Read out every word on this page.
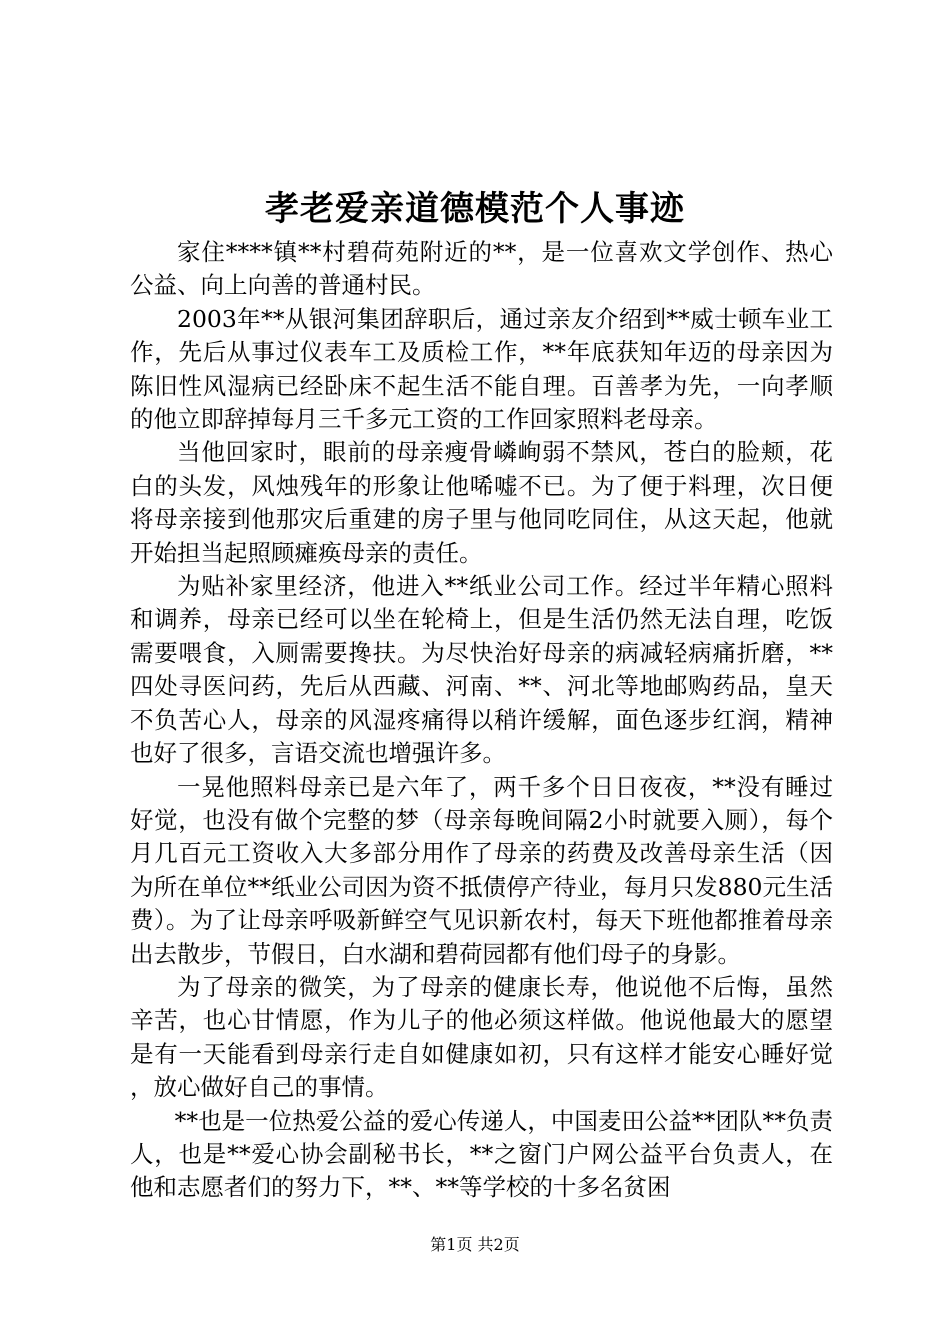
孝老爱亲道德模范个人事迹

家住****镇**村碧荷苑附近的**，是一位喜欢文学创作、热心公益、向上向善的普通村民。

2003年**从银河集团辞职后，通过亲友介绍到**威士顿车业工作，先后从事过仪表车工及质检工作，**年底获知年迈的母亲因为陈旧性风湿病已经卧床不起生活不能自理。百善孝为先，一向孝顺的他立即辞掉每月三千多元工资的工作回家照料老母亲。

当他回家时，眼前的母亲瘦骨嶙峋弱不禁风，苍白的脸颊，花白的头发，风烛残年的形象让他唏嘘不已。为了便于料理，次日便将母亲接到他那灾后重建的房子里与他同吃同住，从这天起，他就开始担当起照顾瘫痪母亲的责任。

为贴补家里经济，他进入**纸业公司工作。经过半年精心照料和调养，母亲已经可以坐在轮椅上，但是生活仍然无法自理，吃饭需要喂食，入厕需要搀扶。为尽快治好母亲的病减轻病痛折磨，**四处寻医问药，先后从西藏、河南、**、河北等地邮购药品，皇天不负苦心人，母亲的风湿疼痛得以稍许缓解，面色逐步红润，精神也好了很多，言语交流也增强许多。

一晃他照料母亲已是六年了，两千多个日日夜夜，**没有睡过好觉，也没有做个完整的梦（母亲每晚间隔2小时就要入厕），每个月几百元工资收入大多部分用作了母亲的药费及改善母亲生活（因为所在单位**纸业公司因为资不抵债停产待业，每月只发880元生活费）。为了让母亲呼吸新鲜空气见识新农村，每天下班他都推着母亲出去散步，节假日，白水湖和碧荷园都有他们母子的身影。

为了母亲的微笑，为了母亲的健康长寿，他说他不后悔，虽然辛苦，也心甘情愿，作为儿子的他必须这样做。他说他最大的愿望是有一天能看到母亲行走自如健康如初，只有这样才能安心睡好觉，放心做好自己的事情。

**也是一位热爱公益的爱心传递人，中国麦田公益**团队**负责人，也是**爱心协会副秘书长，**之窗门户网公益平台负责人，在他和志愿者们的努力下，**、**等学校的十多名贫困

第1页 共2页
